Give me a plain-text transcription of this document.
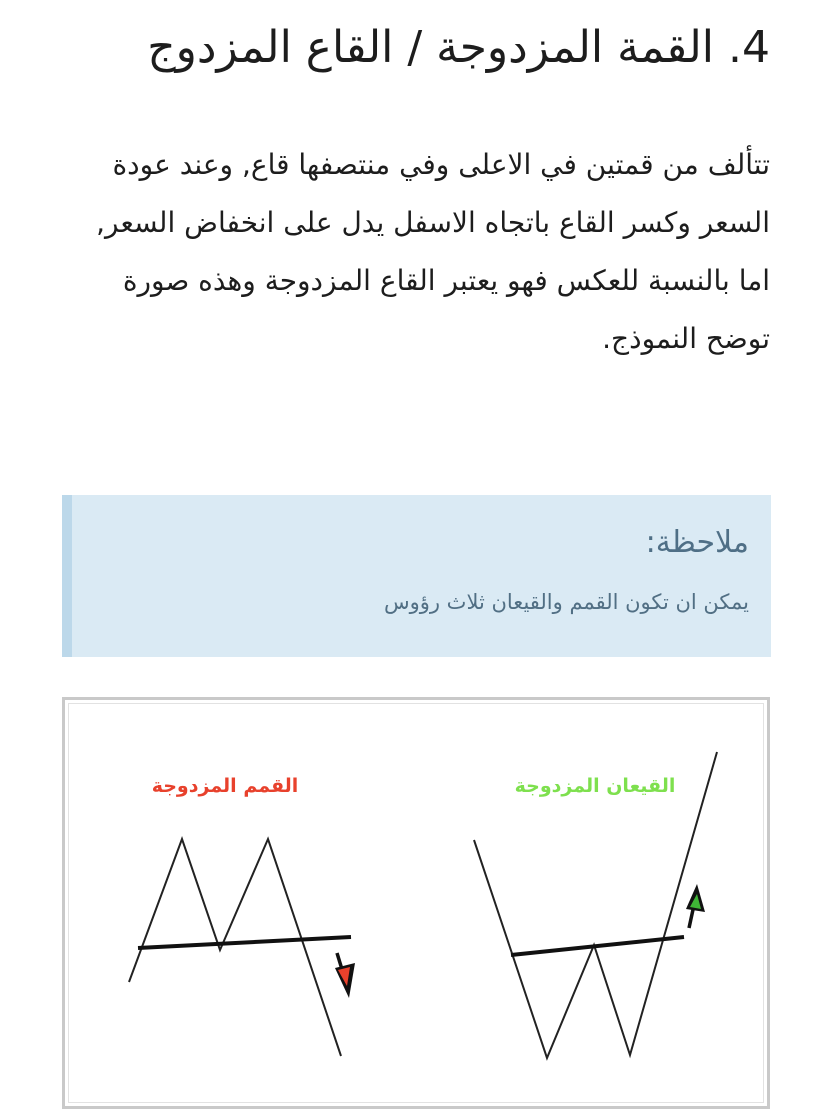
4. القمة المزدوجة / القاع المزدوج

تتألف من قمتين في الاعلى وفي منتصفها قاع, وعند عودة السعر وكسر القاع باتجاه الاسفل يدل على انخفاض السعر, اما بالنسبة للعكس فهو يعتبر القاع المزدوجة وهذه صورة توضح النموذج.

ملاحظة:

يمكن ان تكون القمم والقيعان ثلاث رؤوس

القمم المزدوجة	القيعان المزدوجة
